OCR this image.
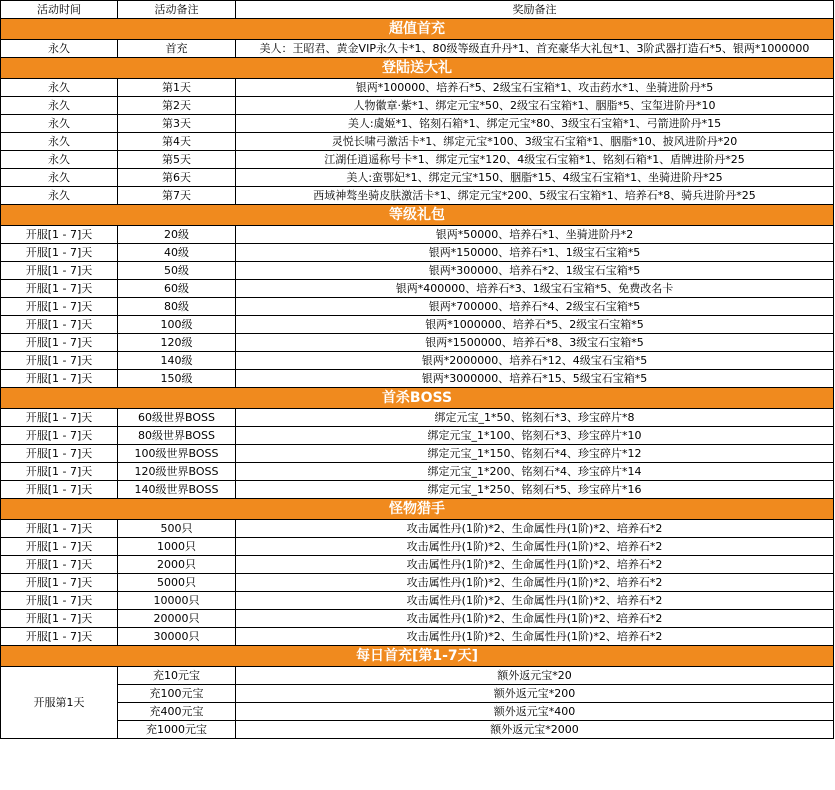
活动时间	活动备注	奖励备注
超值首充		
永久	首充	美人：王昭君、黄金VIP永久卡*1、80级等级直升丹*1、首充豪华大礼包*1、3阶武器打造石*5、银两*1000000
登陆送大礼		
永久	第1天	银两*100000、培养石*5、2级宝石宝箱*1、攻击药水*1、坐骑进阶丹*5
永久	第2天	人物徽章·紫*1、绑定元宝*50、2级宝石宝箱*1、胭脂*5、宝玺进阶丹*10
永久	第3天	美人:虞姬*1、铭刻石箱*1、绑定元宝*80、3级宝石宝箱*1、弓箭进阶丹*15
永久	第4天	灵悦长啸弓激活卡*1、绑定元宝*100、3级宝石宝箱*1、胭脂*10、披风进阶丹*20
永久	第5天	江湖任逍遥称号卡*1、绑定元宝*120、4级宝石宝箱*1、铭刻石箱*1、盾牌进阶丹*25
永久	第6天	美人:蛮鄂妃*1、绑定元宝*150、胭脂*15、4级宝石宝箱*1、坐骑进阶丹*25
永久	第7天	西域神骜坐骑皮肤激活卡*1、绑定元宝*200、5级宝石宝箱*1、培养石*8、骑兵进阶丹*25
等级礼包		
开服[1 - 7]天	20级	银两*50000、培养石*1、坐骑进阶丹*2
开服[1 - 7]天	40级	银两*150000、培养石*1、1级宝石宝箱*5
开服[1 - 7]天	50级	银两*300000、培养石*2、1级宝石宝箱*5
开服[1 - 7]天	60级	银两*400000、培养石*3、1级宝石宝箱*5、免费改名卡
开服[1 - 7]天	80级	银两*700000、培养石*4、2级宝石宝箱*5
开服[1 - 7]天	100级	银两*1000000、培养石*5、2级宝石宝箱*5
开服[1 - 7]天	120级	银两*1500000、培养石*8、3级宝石宝箱*5
开服[1 - 7]天	140级	银两*2000000、培养石*12、4级宝石宝箱*5
开服[1 - 7]天	150级	银两*3000000、培养石*15、5级宝石宝箱*5
首杀BOSS		
开服[1 - 7]天	60级世界BOSS	绑定元宝_1*50、铭刻石*3、珍宝碎片*8
开服[1 - 7]天	80级世界BOSS	绑定元宝_1*100、铭刻石*3、珍宝碎片*10
开服[1 - 7]天	100级世界BOSS	绑定元宝_1*150、铭刻石*4、珍宝碎片*12
开服[1 - 7]天	120级世界BOSS	绑定元宝_1*200、铭刻石*4、珍宝碎片*14
开服[1 - 7]天	140级世界BOSS	绑定元宝_1*250、铭刻石*5、珍宝碎片*16
怪物猎手		
开服[1 - 7]天	500只	攻击属性丹(1阶)*2、生命属性丹(1阶)*2、培养石*2
开服[1 - 7]天	1000只	攻击属性丹(1阶)*2、生命属性丹(1阶)*2、培养石*2
开服[1 - 7]天	2000只	攻击属性丹(1阶)*2、生命属性丹(1阶)*2、培养石*2
开服[1 - 7]天	5000只	攻击属性丹(1阶)*2、生命属性丹(1阶)*2、培养石*2
开服[1 - 7]天	10000只	攻击属性丹(1阶)*2、生命属性丹(1阶)*2、培养石*2
开服[1 - 7]天	20000只	攻击属性丹(1阶)*2、生命属性丹(1阶)*2、培养石*2
开服[1 - 7]天	30000只	攻击属性丹(1阶)*2、生命属性丹(1阶)*2、培养石*2
每日首充[第1-7天]		
开服第1天	充10元宝	额外返元宝*20
	充100元宝	额外返元宝*200
	充400元宝	额外返元宝*400
	充1000元宝	额外返元宝*2000
